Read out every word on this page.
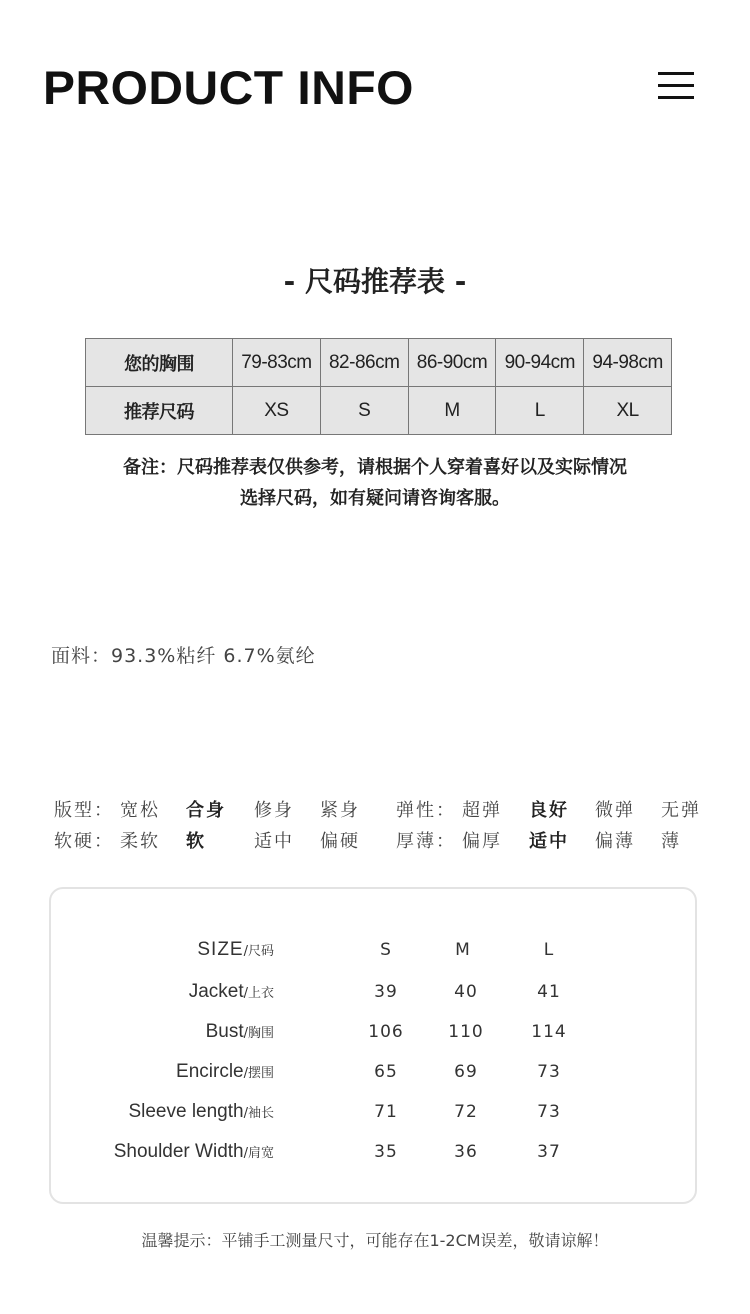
PRODUCT INFO
- 尺码推荐表 -
您的胸围	79-83cm	82-86cm	86-90cm	90-94cm	94-98cm
推荐尺码	XS	S	M	L	XL
备注：尺码推荐表仅供参考，请根据个人穿着喜好以及实际情况
选择尺码，如有疑问请咨询客服。
面料：93.3%粘纤 6.7%氨纶
版型： 宽松 合身 修身 紧身 弹性： 超弹 良好 微弹 无弹
软硬： 柔软 软	适中 偏硬 厚薄： 偏厚 适中 偏薄 薄
SIZE/尺码	S	M	L
Jacket/上衣	39	40	41
Bust/胸围	106	110	114
Encircle/摆围	65	69	73
Sleeve length/袖长	71	72	73
Shoulder Width/肩宽	35	36	37
温馨提示：平铺手工测量尺寸，可能存在1-2CM误差，敬请谅解！
